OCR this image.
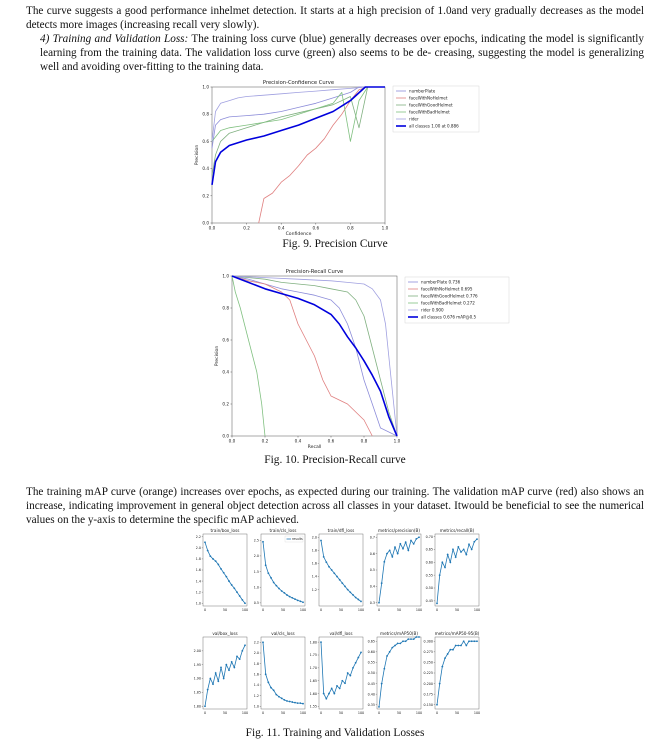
The curve suggests a good performance inhelmet detection. It starts at a high precision of 1.0and very gradually decreases as the model detects more images (increasing recall very slowly).

4) Training and Validation Loss: The training loss curve (blue) generally decreases over epochs, indicating the model is significantly learning from the training data. The validation loss curve (green) also seems to be de- creasing, suggesting the model is generalizing well and avoiding over-fitting to the training data.

Precision-Confidence Curve
0.0	0.2	0.4	0.6	0.8	1.0
0.0
0.2
0.4
0.6
0.8
1.0
Confidence
Precision
numberPlate
faceWithNoHelmet
faceWithGoodHelmet
faceWithBadHelmet
rider
all classes 1.00 at 0.886
Fig. 9. Precision Curve
Precision-Recall Curve
0.0	0.2	0.4	0.6	0.8	1.0
0.0
0.2
0.4
0.6
0.8
1.0
Recall
Precision
numberPlate 0.736
faceWithNoHelmet 0.695
faceWithGoodHelmet 0.776
faceWithBadHelmet 0.272
rider 0.900
all classes 0.676 mAP@0.5
Fig. 10. Precision-Recall curve

The training mAP curve (orange) increases over epochs, as expected during our training. The validation mAP curve (red) also shows an increase, indicating improvement in general object detection across all classes in your dataset. Itwould be beneficial to see the numerical values on the y-axis to determine the specific mAP achieved.

train/box_loss
1.0
1.2
1.4
1.6
1.8
2.0
2.2
0	50	100
train/cls_loss
0.5
1.0
1.5
2.0
2.5
0	50	100
results
train/dfl_loss
1.2
1.4
1.6
1.8
2.0
0	50	100
metrics/precision(B)
0.3
0.4
0.5
0.6
0.7
0	50	100
metrics/recall(B)
0.45
0.50
0.55
0.60
0.65
0.70
0	50	100
val/box_loss
1.80
1.85
1.90
1.95
2.00
0	50	100
val/cls_loss
1.0
1.2
1.4
1.6
1.8
2.0
2.2
0	50	100
val/dfl_loss
1.55
1.60
1.65
1.70
1.75
1.80
0	50	100
metrics/mAP50(B)
0.35
0.40
0.45
0.50
0.55
0.60
0.65
0	50	100
metrics/mAP50-95(B)
0.150
0.175
0.200
0.225
0.250
0.275
0.300
0	50	100
Fig. 11. Training and Validation Losses
